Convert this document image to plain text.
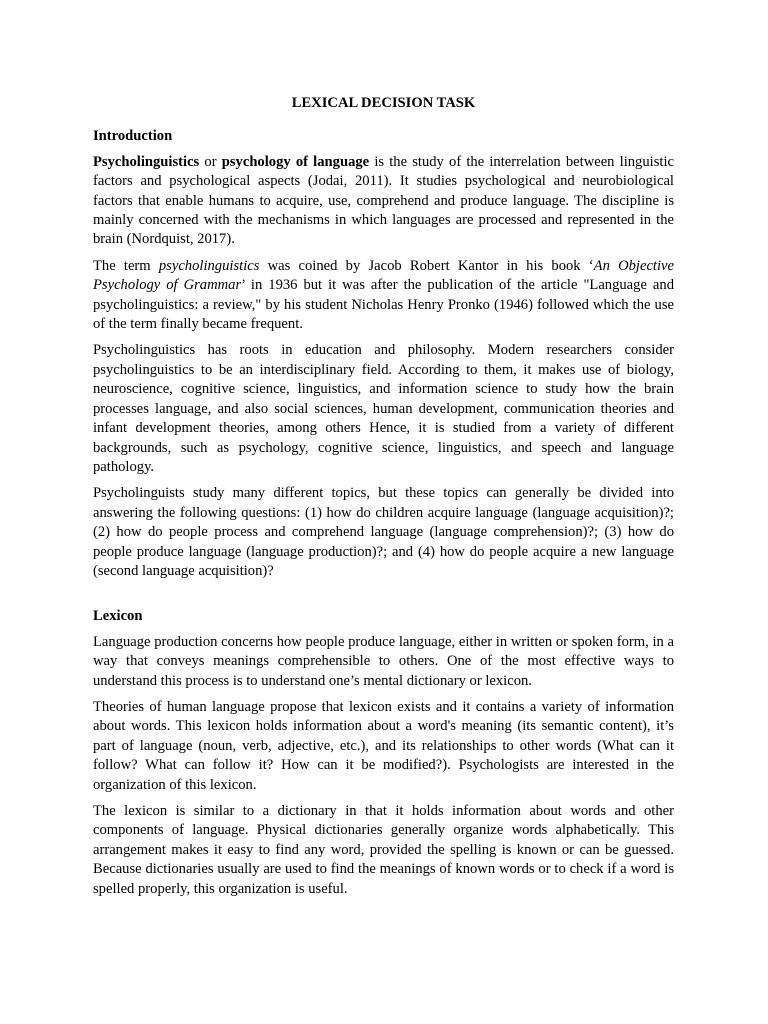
LEXICAL DECISION TASK
Introduction

Psycholinguistics or psychology of language is the study of the interrelation between linguistic factors and psychological aspects (Jodai, 2011). It studies psychological and neurobiological factors that enable humans to acquire, use, comprehend and produce language. The discipline is mainly concerned with the mechanisms in which languages are processed and represented in the brain (Nordquist, 2017).

The term psycholinguistics was coined by Jacob Robert Kantor in his book ‘An Objective Psychology of Grammar’ in 1936 but it was after the publication of the article "Language and psycholinguistics: a review," by his student Nicholas Henry Pronko (1946) followed which the use of the term finally became frequent.

Psycholinguistics has roots in education and philosophy. Modern researchers consider psycholinguistics to be an interdisciplinary field. According to them, it makes use of biology, neuroscience, cognitive science, linguistics, and information science to study how the brain processes language, and also social sciences, human development, communication theories and infant development theories, among others Hence, it is studied from a variety of different backgrounds, such as psychology, cognitive science, linguistics, and speech and language pathology.

Psycholinguists study many different topics, but these topics can generally be divided into answering the following questions: (1) how do children acquire language (language acquisition)?; (2) how do people process and comprehend language (language comprehension)?; (3) how do people produce language (language production)?; and (4) how do people acquire a new language (second language acquisition)?

Lexicon

Language production concerns how people produce language, either in written or spoken form, in a way that conveys meanings comprehensible to others. One of the most effective ways to understand this process is to understand one’s mental dictionary or lexicon.

Theories of human language propose that lexicon exists and it contains a variety of information about words. This lexicon holds information about a word's meaning (its semantic content), it’s part of language (noun, verb, adjective, etc.), and its relationships to other words (What can it follow? What can follow it? How can it be modified?). Psychologists are interested in the organization of this lexicon.

The lexicon is similar to a dictionary in that it holds information about words and other components of language. Physical dictionaries generally organize words alphabetically. This arrangement makes it easy to find any word, provided the spelling is known or can be guessed. Because dictionaries usually are used to find the meanings of known words or to check if a word is spelled properly, this organization is useful.
